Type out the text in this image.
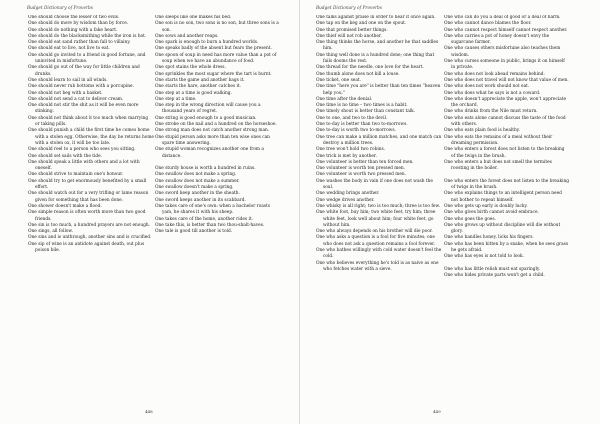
Budget Dictionary of Proverbs

One should choose the lesser of two evils.

One should do more by wisdom than by force.

One should do nothing with a fake heart.

One should do the blacksmithing while the iron is hot.

One should eat sand rather than fall to villainy.

One should eat to live, not live to eat.

One should go invited to a friend in good fortune, and uninvited in misfortune.

One should go out of the way for little children and drunks.

One should learn to sail in all winds.

One should never rub bottoms with a porcupine.

One should not beg with a basket.

One should not send a cat to deliver cream.

One should not stir the shit as it will be even more stinking.

One should not think about it too much when marrying or taking pills.

One should punish a child the first time he comes home with a stolen egg. Otherwise, the day he returns home with a stolen ox, it will be too late.

One should reel to a person who sees you sitting.

One should set sails with the tide.

One should speak a little with others and a lot with oneself.

One should strive to maintain one's honour.

One should try to get enormously benefited by a small effort.

One should watch out for a very trifling or lame reason given for something that has been done.

One shower doesn't make a flood.

One simple reason is often worth more than two good friends.

One sin is too much, a hundred prayers are not enough.

One sings, all follow.

One sins and is unthrough, another sins and is crucified.

One sip of wine is an antidote against death, out plus poison bile.

One sleeps like one makes his bed.

One son is no son, two sons is no son, but three sons is a son.

One sows and another reaps.

One spark is enough to burn a hundred worlds.

One speaks badly of the absent but fears the present.

One spoon of soup in need has more value than a pot of soup when we have an abundance of food.

One spot stains the whole dress.

One sprinkles the most sugar where the tart is burnt.

One starts the game and another bags it.

One starts the hare, another catches it.

One step at a time is good walking.

One step at a time.

One step in the wrong direction will cause you a thousand years of regret.

One string is good enough to a good musician.

One stroke on the nail and a hundred on the horseshoe.

One strong man does not catch another strong man.

One stupid person asks more than ten wise ones can spare time answering.

One stupid woman recognizes another one from a distance.

One sturdy house is worth a hundred in ruins.

One swallow does not make a spring.

One swallow does not make a summer.

One swallow doesn't make a spring.

One sword keep another in the sheath.

One sword keeps another in its scabbard.

One takes care of one's own: when a bachelor roasts yam, he shares it with his sheep.

One takes care of the home, another rides it.

One take this, is better than two thou-shalt-haves.

One tale is good till another is told.

448
Budget Dictionary of Proverbs

One talks against praise in order to hear it once again.

One tap on the keg and one on the spout.

One that promised better things.

One thief will not rob another.

One thing thinks the horse, and another he that saddles him.

One thing well done is a hundred done; one thing that fails dooms the rest.

One thread for the needle, one love for the heart.

One thumb alone does not kill a louse.

One ticket, one seat.

One time "here you are" is better than ten times "heaven help you."

One time after the denial.

One time is no time – two times is a habit.

One timely shout is better than constant talk.

One to one, and two to the devil.

One to-day is better than two to-morrows.

One to-day is worth two to-morrows.

One tree can make a million matches, and one match can destroy a million trees.

One tree won't hold two robins.

One trick is met by another.

One volunteer is better than ten forced men.

One volunteer is worth ten pressed men.

One volunteer is worth two pressed men.

One washes the body in vain if one does not wash the soul.

One wedding brings another.

One wedge drives another.

One whisky is all right; two is too much; three is too few.

One white foot, buy him; two white feet, try him; three white feet, look well about him; four white feet, go without him.

One who always depends on his brother will die poor.

One who asks a question is a fool for five minutes; one who does not ask a question remains a fool forever.

One who bathes willingly with cold water doesn't feel the cold.

One who believes everything he's told is as naive as one who fetches water with a sieve.

One who can do you a deal of good or a deal of harm.

One who cannot dance blames the floor.

One who cannot respect himself cannot respect another.

One who carries a pot of honey doesn't envy the sugarcane farmer.

One who causes others misfortune also teaches them wisdom.

One who curses someone in public, brings it on himself in private.

One who does not look ahead remains behind.

One who does not travel will not know that value of men.

One who does not work should not eat.

One who does what he says is not a coward.

One who doesn't appreciate the apple, won't appreciate the orchard.

One who drinks from the Nile must return.

One who eats alone cannot discuss the taste of the food with others.

One who eats plain food is healthy.

One who eats the remains of a meal without their dreaming permission.

One who enters a forest does not listen to the breaking of the twigs in the brush.

One who enters a hut does not smell the termites roosting in the boiler.

One who enters the forest does not listen to the breaking of twigs in the brush.

One who explains things to an intelligent person need not bother to repeat himself.

One who gets up early is doubly lucky.

One who gives birth cannot avoid embrace.

One who goes the goes.

One who grows up without discipline will die without glory.

One who handles honey, licks his fingers.

One who has been bitten by a snake, when he sees grass he gets afraid.

One who has eyes is not told to look.

One who has little relish must eat sparingly.

One who hides private parts won't get a child.

449
